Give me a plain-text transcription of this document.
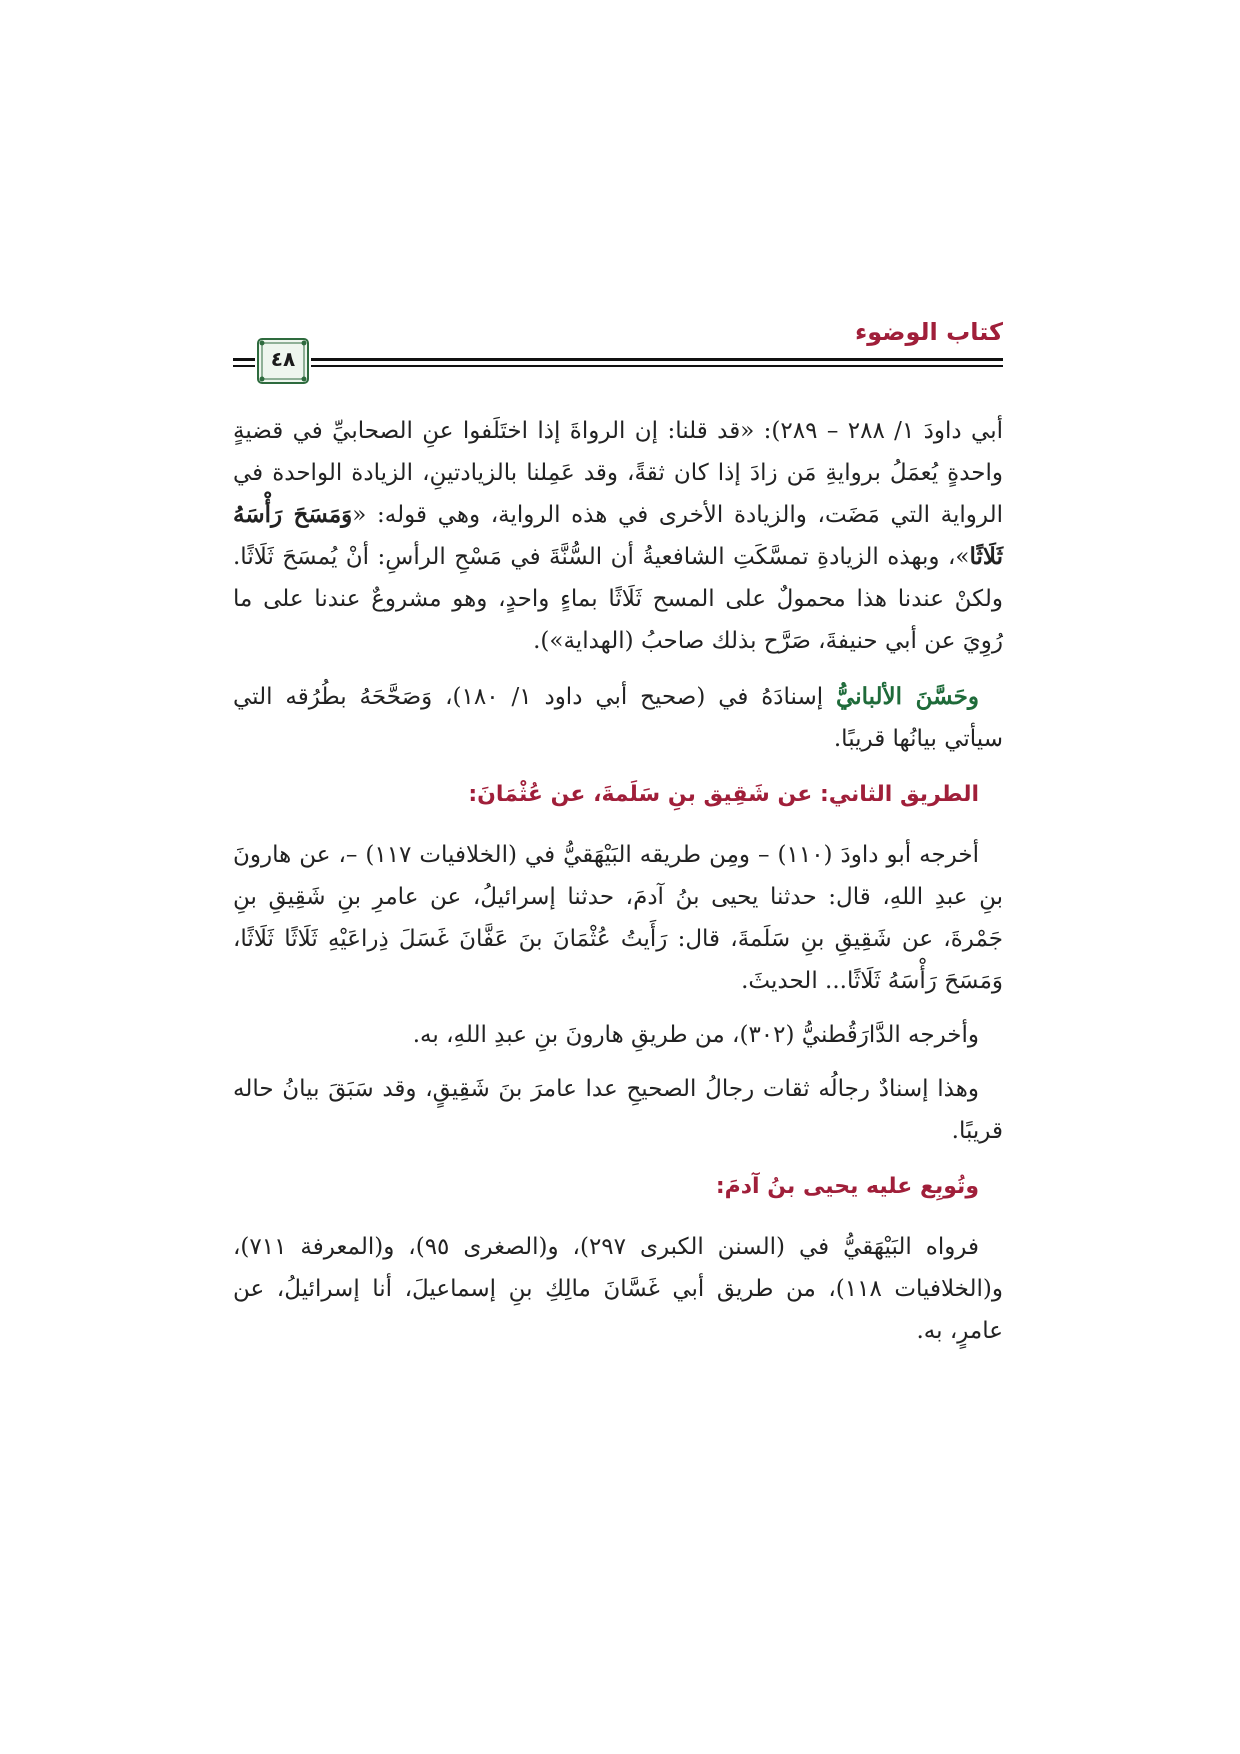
كتاب الوضوء
٤٨

أبي داودَ ١/ ٢٨٨ – ٢٨٩): «قد قلنا: إن الرواةَ إذا اختَلَفوا عنِ الصحابيِّ في قضيةٍ واحدةٍ يُعمَلُ بروايةِ مَن زادَ إذا كان ثقةً، وقد عَمِلنا بالزيادتينِ، الزيادة الواحدة في الرواية التي مَضَت، والزيادة الأخرى في هذه الرواية، وهي قوله: «وَمَسَحَ رَأْسَهُ ثَلَاثًا»، وبهذه الزيادةِ تمسَّكَتِ الشافعيةُ أن السُّنَّةَ في مَسْحِ الرأسِ: أنْ يُمسَحَ ثَلَاثًا. ولكنْ عندنا هذا محمولٌ على المسح ثَلَاثًا بماءٍ واحدٍ، وهو مشروعٌ عندنا على ما رُوِيَ عن أبي حنيفةَ، صَرَّح بذلك صاحبُ (الهداية»).

وحَسَّنَ الألبانيُّ إسنادَهُ في (صحيح أبي داود ١/ ١٨٠)، وَصَحَّحَهُ بطُرُقه التي سيأتي بيانُها قريبًا.

الطريق الثاني: عن شَقِيق بنِ سَلَمةَ، عن عُثْمَانَ:

أخرجه أبو داودَ (١١٠) – ومِن طريقه البَيْهَقيُّ في (الخلافيات ١١٧) –، عن هارونَ بنِ عبدِ اللهِ، قال: حدثنا يحيى بنُ آدمَ، حدثنا إسرائيلُ، عن عامرِ بنِ شَقِيقِ بنِ جَمْرةَ، عن شَقِيقِ بنِ سَلَمةَ، قال: رَأَيتُ عُثْمَانَ بنَ عَفَّانَ غَسَلَ ذِراعَيْهِ ثَلَاثًا ثَلَاثًا، وَمَسَحَ رَأْسَهُ ثَلَاثًا... الحديثَ.

وأخرجه الدَّارَقُطنيُّ (٣٠٢)، من طريقِ هارونَ بنِ عبدِ اللهِ، به.

وهذا إسنادٌ رجالُه ثقات رجالُ الصحيحِ عدا عامرَ بنَ شَقِيقٍ، وقد سَبَقَ بيانُ حاله قريبًا.

وتُوبِع عليه يحيى بنُ آدمَ:

فرواه البَيْهَقيُّ في (السنن الكبرى ٢٩٧)، و(الصغرى ٩٥)، و(المعرفة ٧١١)، و(الخلافيات ١١٨)، من طريق أبي غَسَّانَ مالِكِ بنِ إسماعيلَ، أنا إسرائيلُ، عن عامرٍ، به.
